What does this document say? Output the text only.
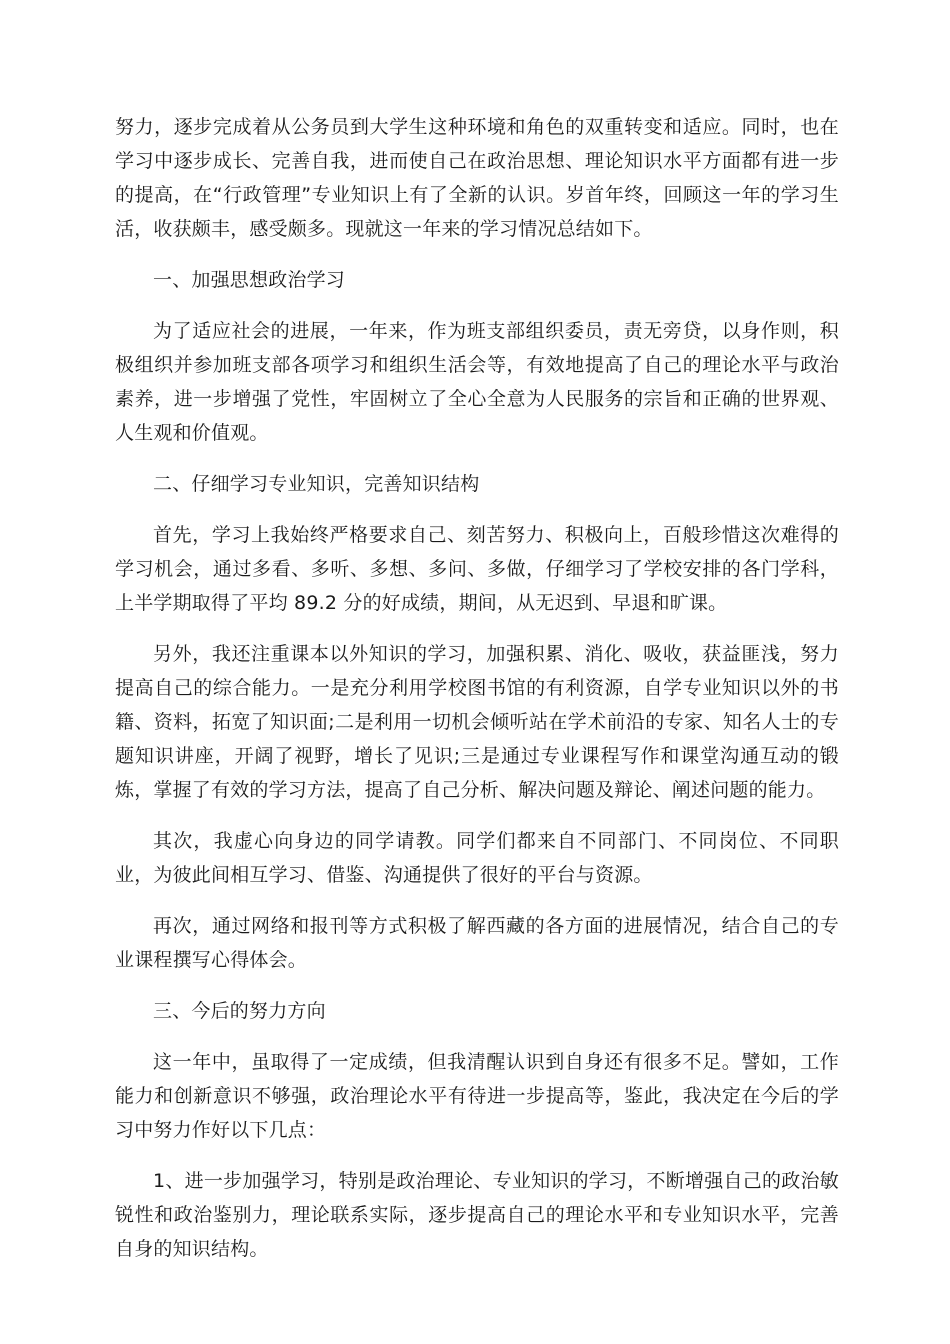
努力，逐步完成着从公务员到大学生这种环境和角色的双重转变和适应。同时，也在学习中逐步成长、完善自我，进而使自己在政治思想、理论知识水平方面都有进一步的提高，在“行政管理”专业知识上有了全新的认识。岁首年终，回顾这一年的学习生活，收获颇丰，感受颇多。现就这一年来的学习情况总结如下。

一、加强思想政治学习

为了适应社会的进展，一年来，作为班支部组织委员，责无旁贷，以身作则，积极组织并参加班支部各项学习和组织生活会等，有效地提高了自己的理论水平与政治素养，进一步增强了党性，牢固树立了全心全意为人民服务的宗旨和正确的世界观、人生观和价值观。

二、仔细学习专业知识，完善知识结构

首先，学习上我始终严格要求自己、刻苦努力、积极向上，百般珍惜这次难得的学习机会，通过多看、多听、多想、多问、多做，仔细学习了学校安排的各门学科，上半学期取得了平均 89.2 分的好成绩，期间，从无迟到、早退和旷课。

另外，我还注重课本以外知识的学习，加强积累、消化、吸收，获益匪浅，努力提高自己的综合能力。一是充分利用学校图书馆的有利资源，自学专业知识以外的书籍、资料，拓宽了知识面;二是利用一切机会倾听站在学术前沿的专家、知名人士的专题知识讲座，开阔了视野，增长了见识;三是通过专业课程写作和课堂沟通互动的锻炼，掌握了有效的学习方法，提高了自己分析、解决问题及辩论、阐述问题的能力。

其次，我虚心向身边的同学请教。同学们都来自不同部门、不同岗位、不同职业，为彼此间相互学习、借鉴、沟通提供了很好的平台与资源。

再次，通过网络和报刊等方式积极了解西藏的各方面的进展情况，结合自己的专业课程撰写心得体会。

三、今后的努力方向

这一年中，虽取得了一定成绩，但我清醒认识到自身还有很多不足。譬如，工作能力和创新意识不够强，政治理论水平有待进一步提高等，鉴此，我决定在今后的学习中努力作好以下几点：

1、进一步加强学习，特别是政治理论、专业知识的学习，不断增强自己的政治敏锐性和政治鉴别力，理论联系实际，逐步提高自己的理论水平和专业知识水平，完善自身的知识结构。
